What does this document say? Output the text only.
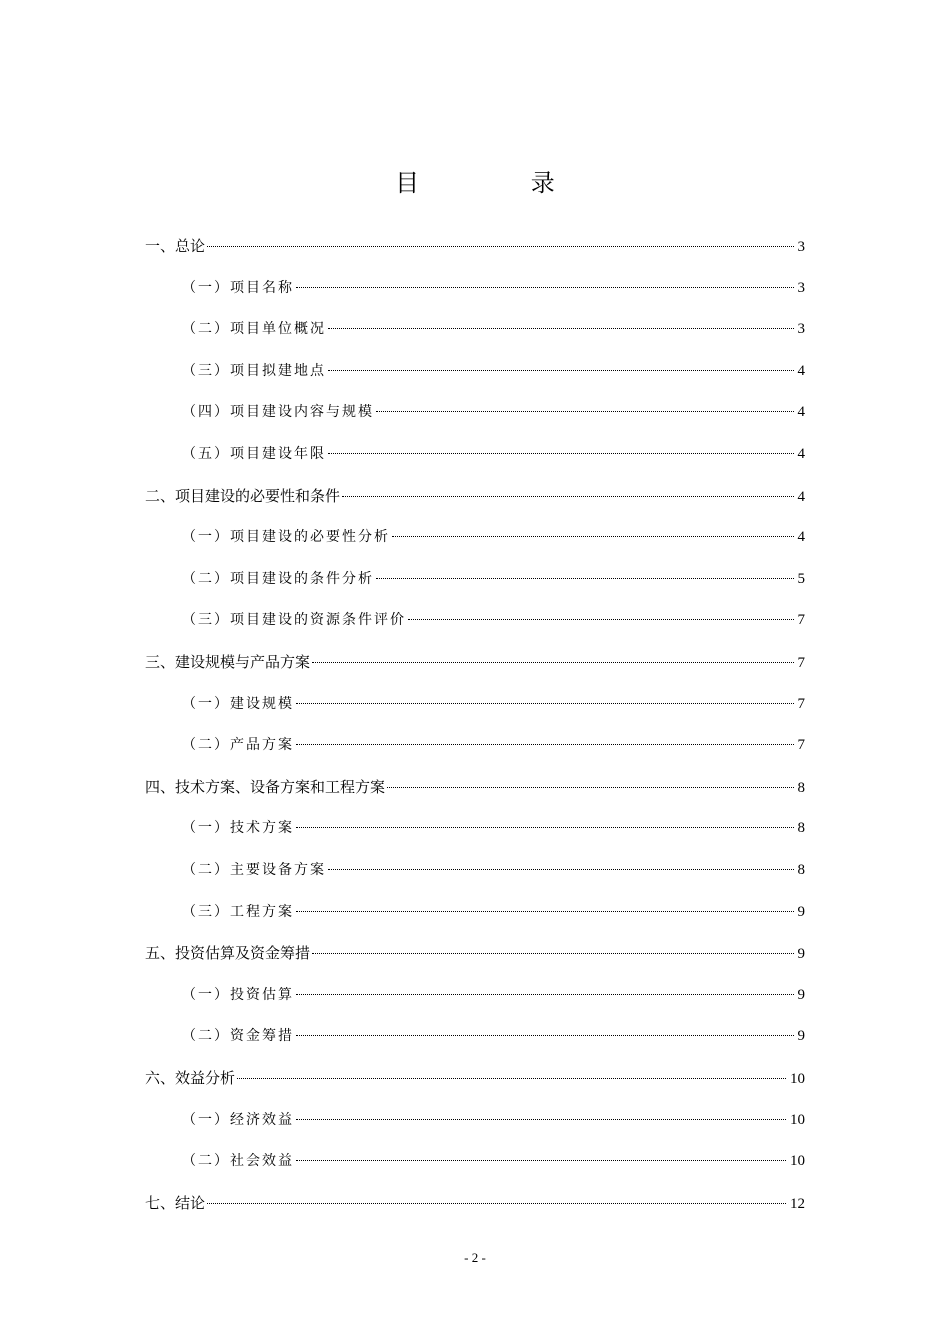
目 录
一、总论	3
（一）项目名称	3
（二）项目单位概况	3
（三）项目拟建地点	4
（四）项目建设内容与规模	4
（五）项目建设年限	4
二、项目建设的必要性和条件	4
（一）项目建设的必要性分析	4
（二）项目建设的条件分析	5
（三）项目建设的资源条件评价	7
三、建设规模与产品方案	7
（一）建设规模	7
（二）产品方案	7
四、技术方案、设备方案和工程方案	8
（一）技术方案	8
（二）主要设备方案	8
（三）工程方案	9
五、投资估算及资金筹措	9
（一）投资估算	9
（二）资金筹措	9
六、效益分析	10
（一）经济效益	10
（二）社会效益	10
七、结论	12
- 2 -
